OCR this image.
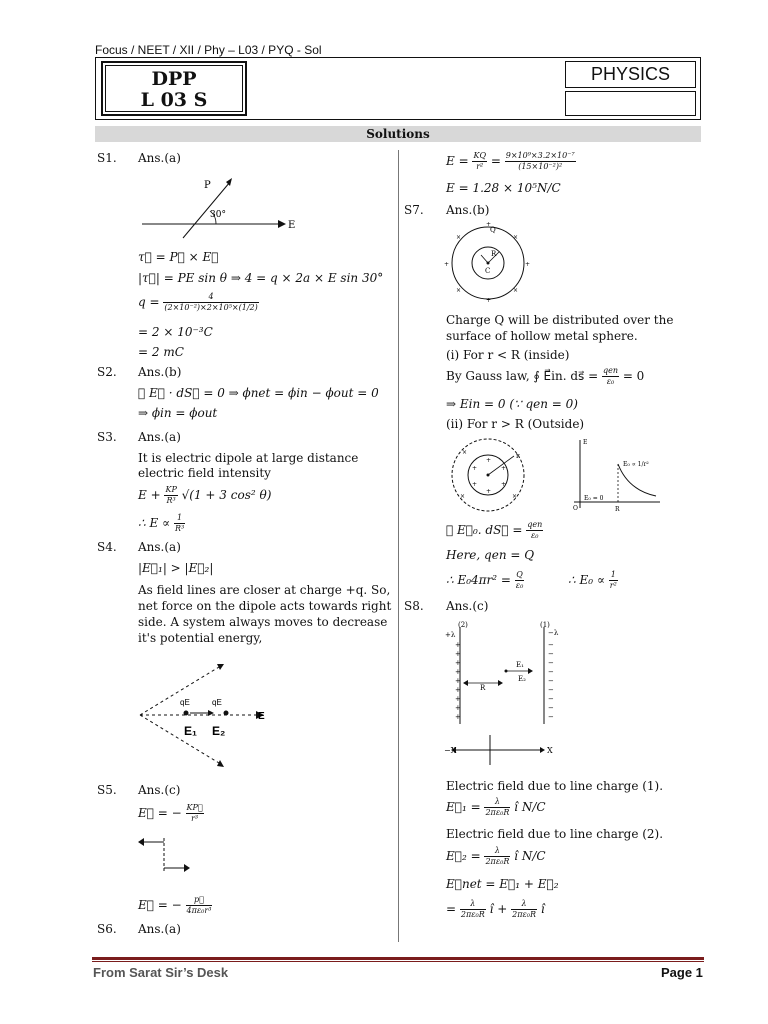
Focus / NEET / XII / Phy – L03 / PYQ - Sol
DPP
L 03 S
PHYSICS
Solutions
S1. Ans.(a)
P
30°
E
τ⃗ = P⃗ × E⃗
|τ⃗| = PE sin θ ⇒ 4 = q × 2a × E sin 30°
$q = \frac{4}{\text{(2×10⁻²)×2×10⁵×(1/2)}}$
= 2 × 10⁻³C
= 2 mC
S2. Ans.(b)
∮ E⃗ · dS⃗ = 0 ⇒ ϕnet = ϕin − ϕout = 0
⇒ ϕin = ϕout
S3. Ans.(a)
It is electric dipole at large distance
electric field intensity
$E + \frac{KP}{\text{R³}} √(1 + 3$ cos² θ)
∴ $E \propto \frac{1}{\text{R³}}$
S4. Ans.(a)
|E⃗₁| > |E⃗₂|
As field lines are closer at charge +q. So,
net force on the dipole acts towards right
side. A system always moves to decrease
it's potential energy,
qE	qE
E
E₁ E₂
S5. Ans.(c)
E⃗ = − $\frac{KP⃗}{\text{r³}}$
E⃗ = − $\frac{p⃗}{\text{4πε₀r³}}$
S6. Ans.(a)
$E = \frac{KQ}{\text{r²}} = \frac{\text{9×10⁹×3.2×10⁻⁷}}{\text{(15×10⁻²)²}}$
E = 1.28 × 10⁵N/C
S7. Ans.(b)
Q
R
C
+
×	×
+	+
×	×
+
Charge Q will be distributed over the
surface of hollow metal sphere.
(i) For r < R (inside)
By Gauss law, ∮ E⃗in. ds⃗ = qen
ε₀ = 0
⇒ Ein = 0 (∵ qen = 0)
(ii) For r > R (Outside)
r
+
+	+
+	+
+
×
×	×
E
E₀ ∝ 1/r²
E₀ = 0
O	R
∮ E⃗₀. dS⃗ = qen
ε₀
Here, qen = Q
∴ $E_04\pi r^2 = \frac{Q}{\text{ε₀}}$	∴ $E_0 \propto \frac{1}{\text{r²}}$
S8. Ans.(c)
(2)	(1)
+λ	−λ
+
+
+
+
+
+
+
+
+
−
−
−
−
−
−
−
−
−
R
E₁
E₂
−X	X
Electric field due to line charge (1).
E⃗₁ = $\frac{\lambda}{\text{2πε₀R}}$ î N/C
Electric field due to line charge (2).
E⃗₂ = $\frac{\lambda}{\text{2πε₀R}}$ î N/C
E⃗net = E⃗₁ + E⃗₂
= $\frac{\lambda}{\text{2πε₀R}}$ î + $\frac{\lambda}{\text{2πε₀R}}$ î
From Sarat Sir’s Desk	Page 1
